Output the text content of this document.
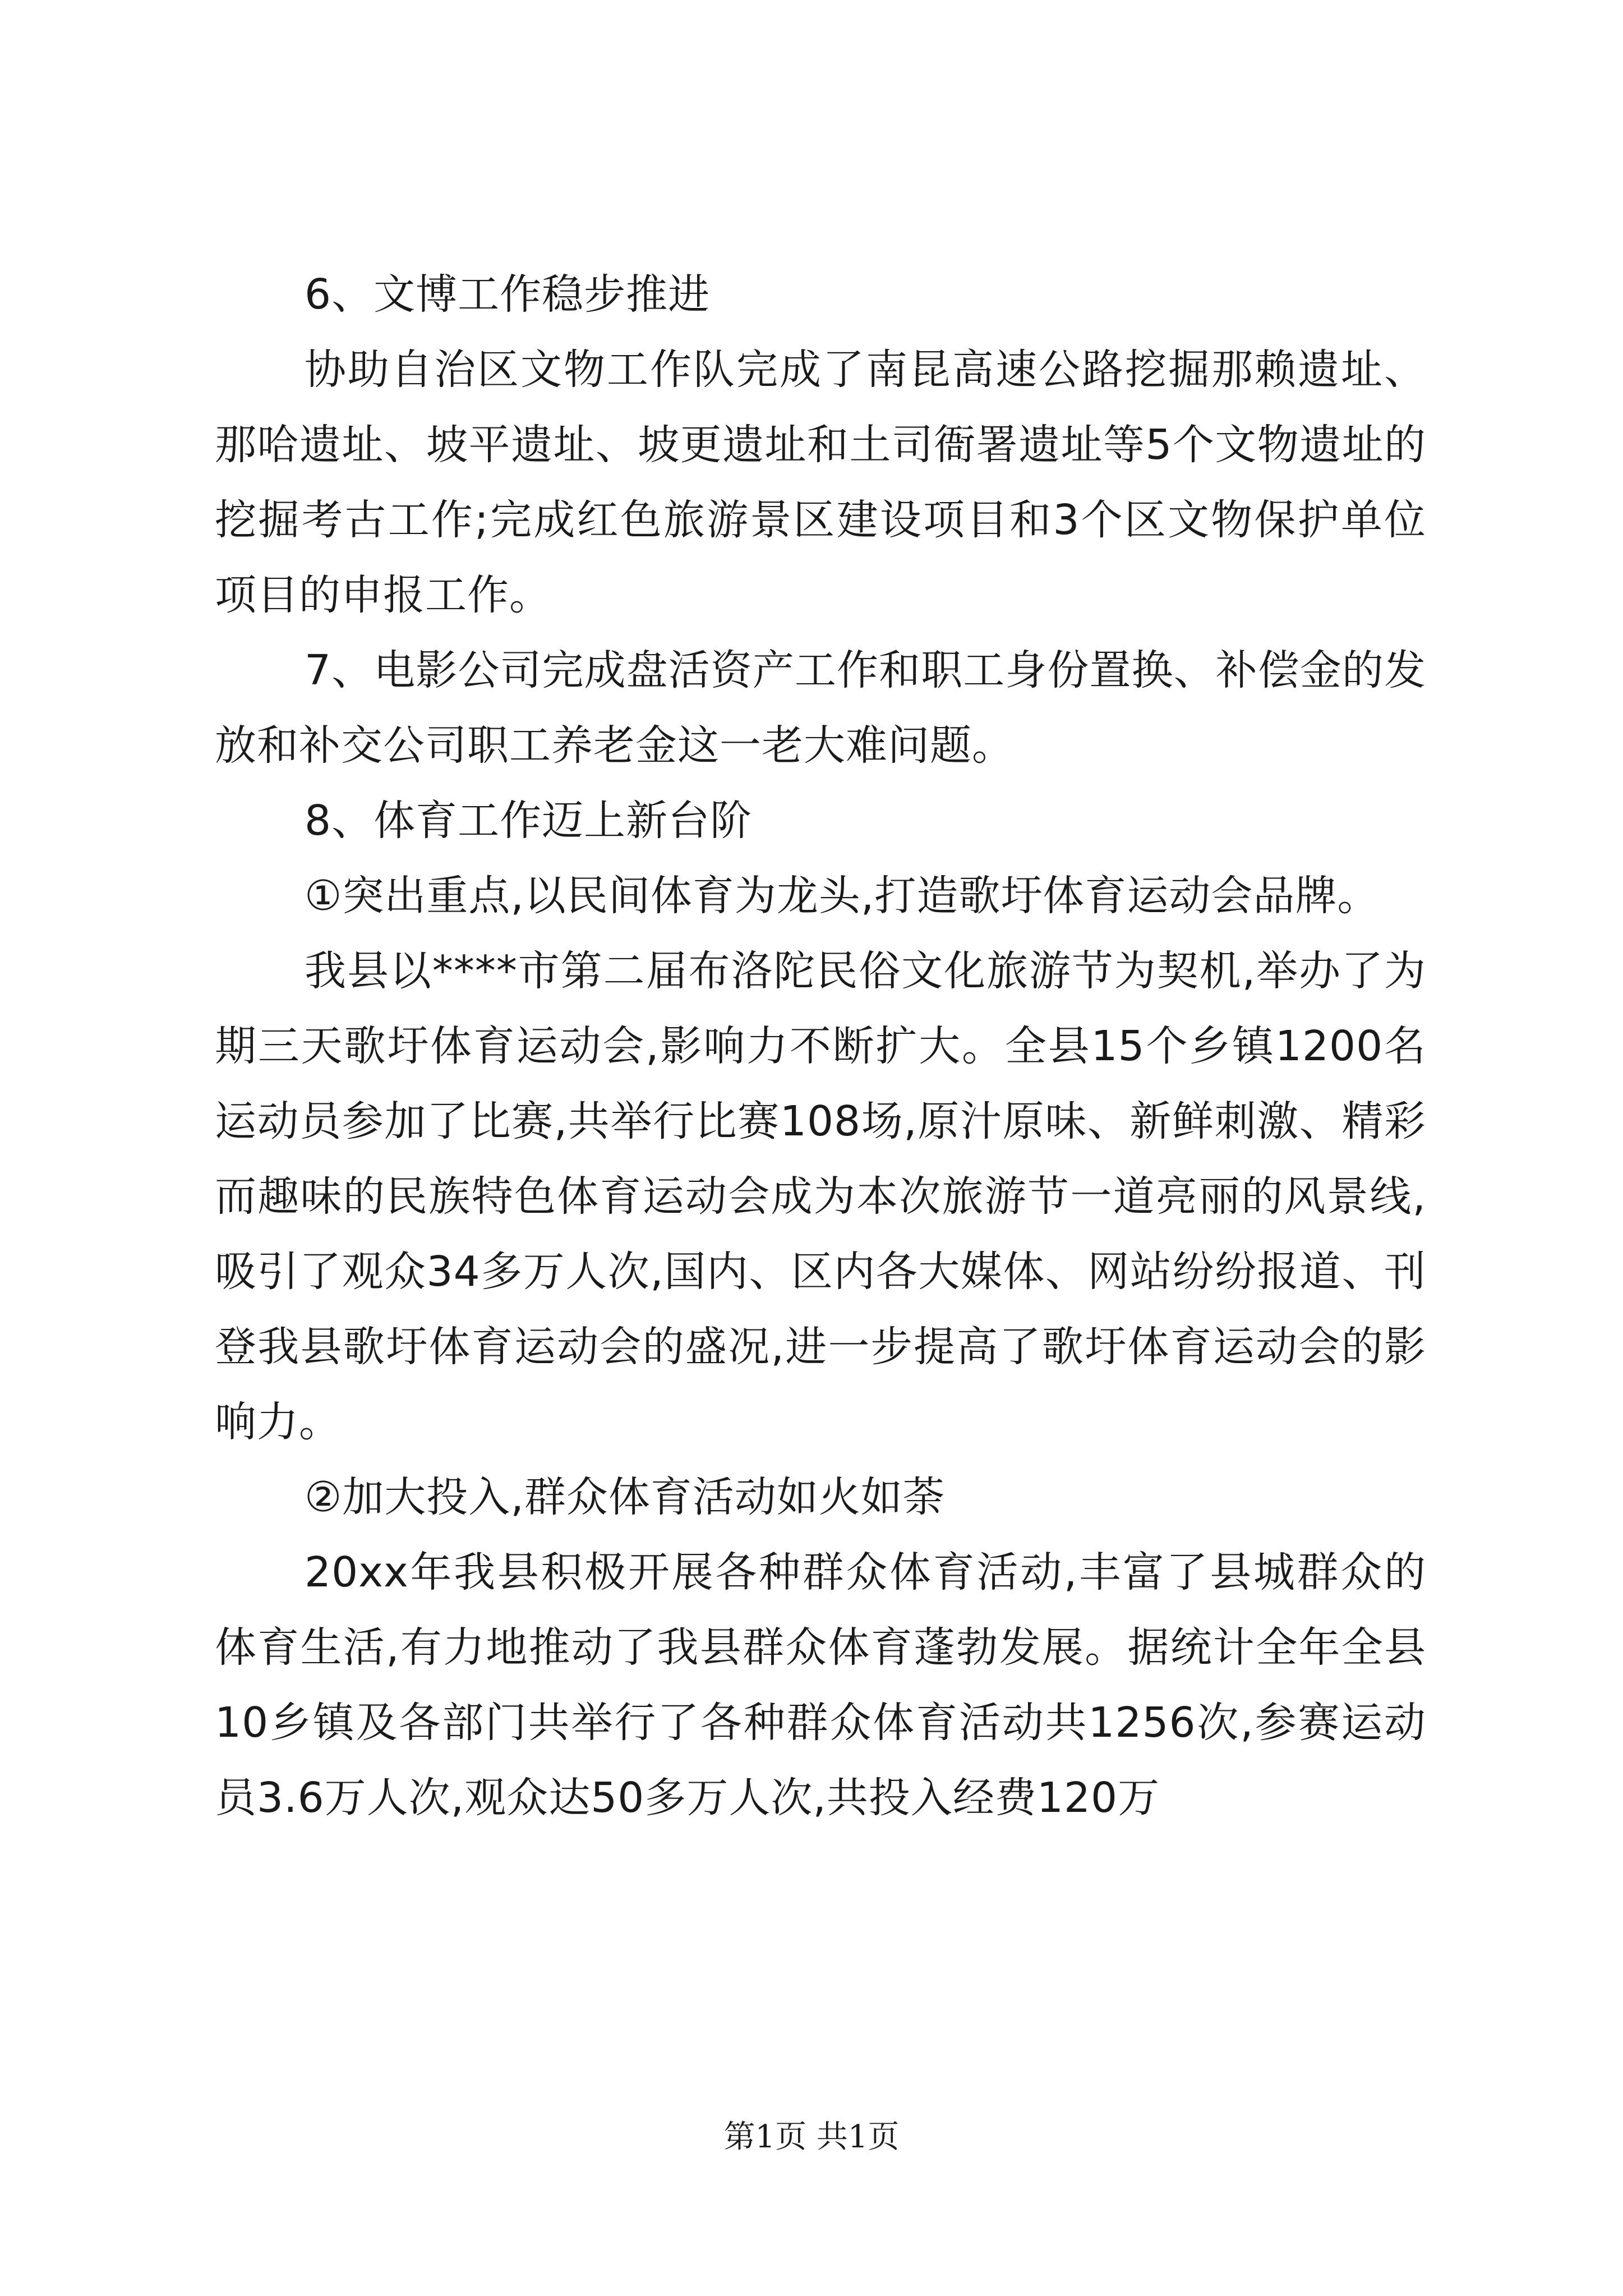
6、文博工作稳步推进

协助自治区文物工作队完成了南昆高速公路挖掘那赖遗址、那哈遗址、坡平遗址、坡更遗址和土司衙署遗址等5个文物遗址的挖掘考古工作;完成红色旅游景区建设项目和3个区文物保护单位项目的申报工作。

7、电影公司完成盘活资产工作和职工身份置换、补偿金的发放和补交公司职工养老金这一老大难问题。

8、体育工作迈上新台阶

①突出重点,以民间体育为龙头,打造歌圩体育运动会品牌。

我县以****市第二届布洛陀民俗文化旅游节为契机,举办了为期三天歌圩体育运动会,影响力不断扩大。全县15个乡镇1200名运动员参加了比赛,共举行比赛108场,原汁原味、新鲜刺激、精彩而趣味的民族特色体育运动会成为本次旅游节一道亮丽的风景线,吸引了观众34多万人次,国内、区内各大媒体、网站纷纷报道、刊登我县歌圩体育运动会的盛况,进一步提高了歌圩体育运动会的影响力。

②加大投入,群众体育活动如火如荼

20xx年我县积极开展各种群众体育活动,丰富了县城群众的体育生活,有力地推动了我县群众体育蓬勃发展。据统计全年全县10乡镇及各部门共举行了各种群众体育活动共1256次,参赛运动员3.6万人次,观众达50多万人次,共投入经费120万

第1页 共1页
